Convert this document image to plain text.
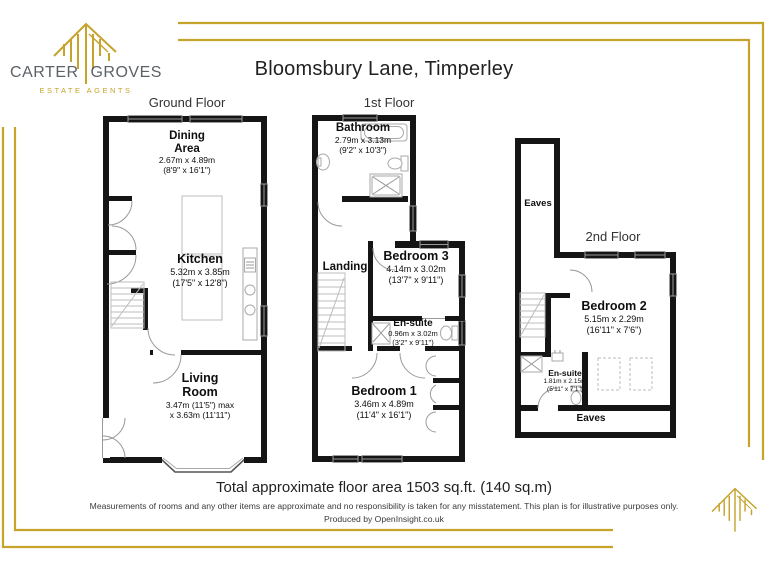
CARTER GROVES
ESTATE AGENTS
Bloomsbury Lane, Timperley
Ground Floor	1st Floor
2nd Floor
Dining
Area
2.67m x 4.89m
(8'9" x 16'1")
Kitchen
5.32m x 3.85m
(17'5" x 12'8")
Living
Room
3.47m (11'5") max
x 3.63m (11'11")
Bathroom
2.79m x 3.13m
(9'2" x 10'3")
Landing
Bedroom 3
4.14m x 3.02m
(13'7" x 9'11")
En-suite
0.96m x 3.02m
(3'2" x 9'11")
Bedroom 1
3.46m x 4.89m
(11'4" x 16'1")
Eaves
Bedroom 2
5.15m x 2.29m
(16'11" x 7'6")
En-suite
1.81m x 2.15m
(5'11" x 7'1")
Eaves
Total approximate floor area 1503 sq.ft. (140 sq.m)
Measurements of rooms and any other items are approximate and no responsibility is taken for any misstatement. This plan is for illustrative purposes only.
Produced by OpenInsight.co.uk
